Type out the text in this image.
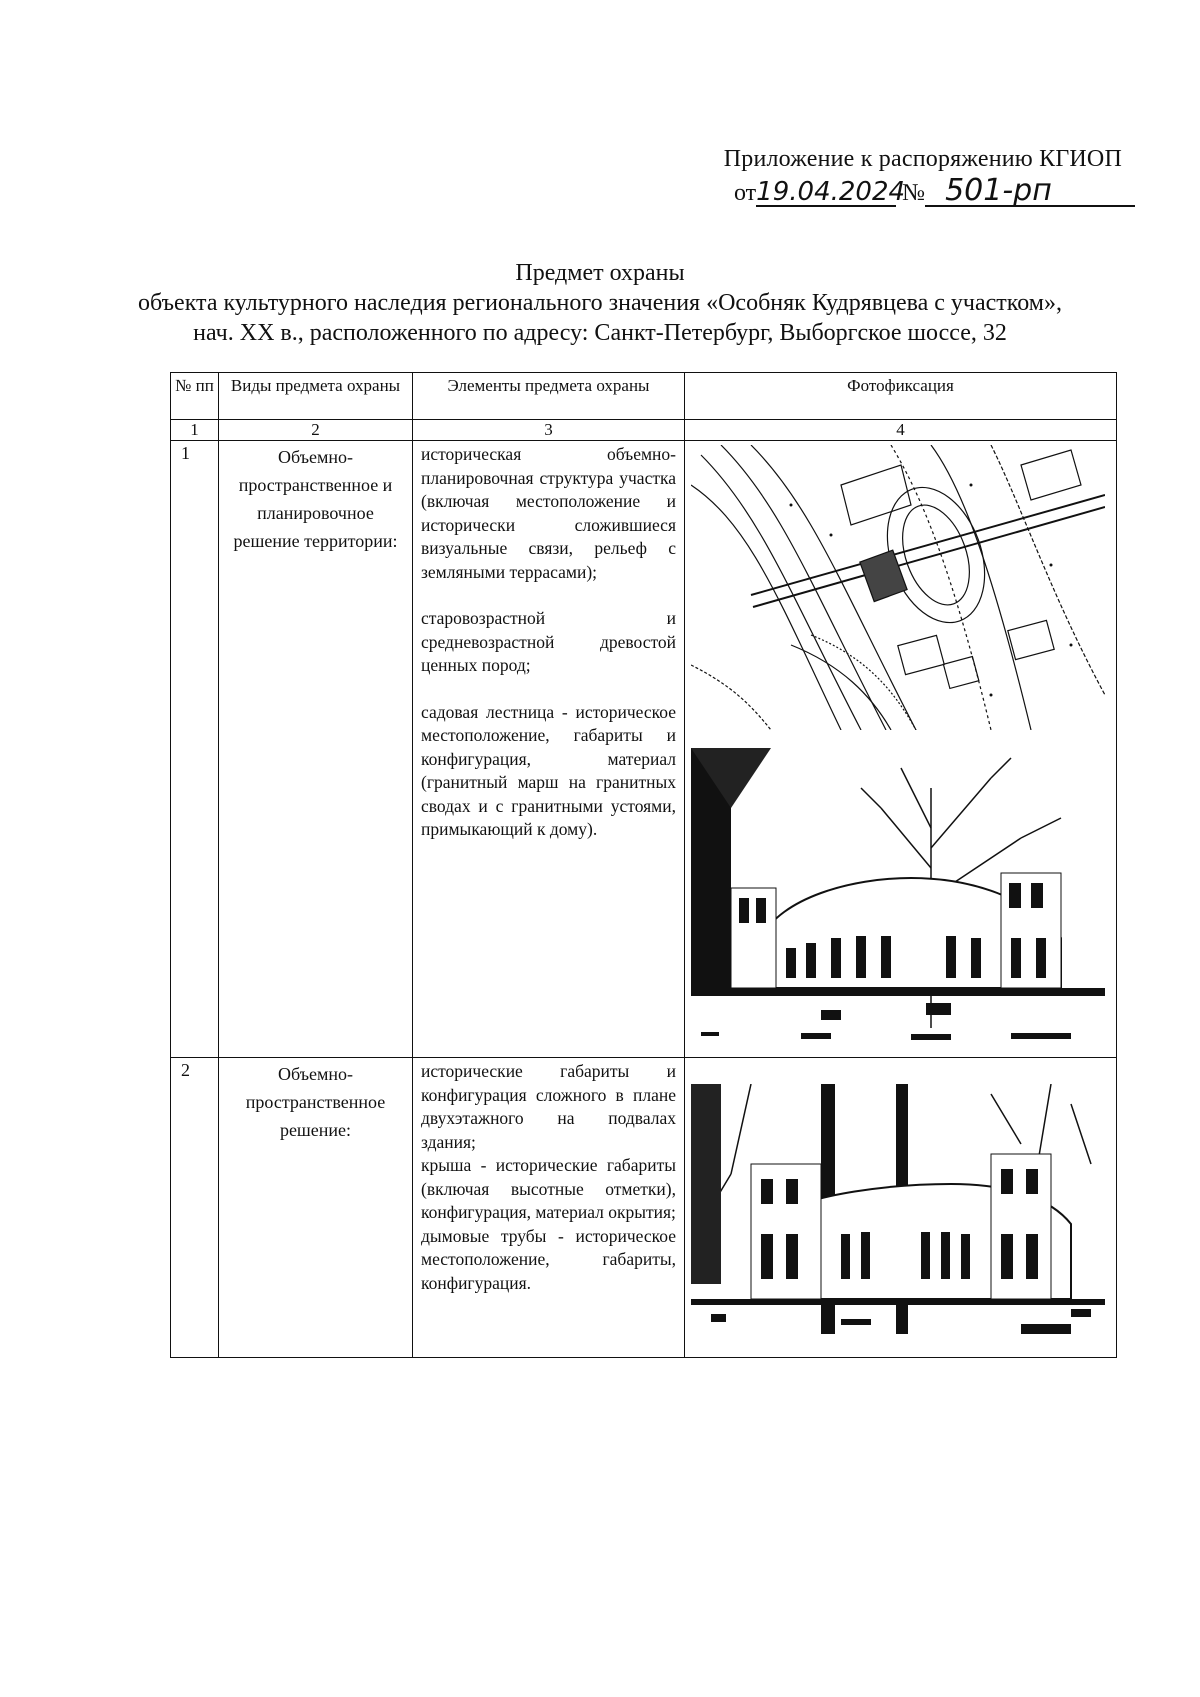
Приложение к распоряжению КГИОП
от19.04.2024 № 501-рп
Предмет охраны
объекта культурного наследия регионального значения «Особняк Кудрявцева с участком»,
нач. XX в., расположенного по адресу: Санкт-Петербург, Выборгское шоссе, 32
№ пп	Виды предмета охраны	Элементы предмета охраны	Фотофиксация
1	2	3	4
1	Объемно-пространственное и планировочное решение территории:	историческая объемно-планировочная структура участка (включая местоположение и исторически сложившиеся визуальные связи, рельеф с земляными террасами);

старовозрастной и средневозрастной древостой ценных пород;

садовая лестница - историческое местоположение, габариты и конфигурация, материал (гранитный марш на гранитных сводах и с гранитными устоями, примыкающий к дому).

2	Объемно-пространственное решение:	исторические габариты и конфигурация сложного в плане двухэтажного на подвалах здания;

крыша - исторические габариты (включая высотные отметки), конфигурация, материал окрытия;

дымовые трубы - историческое местоположение, габариты, конфигурация.
